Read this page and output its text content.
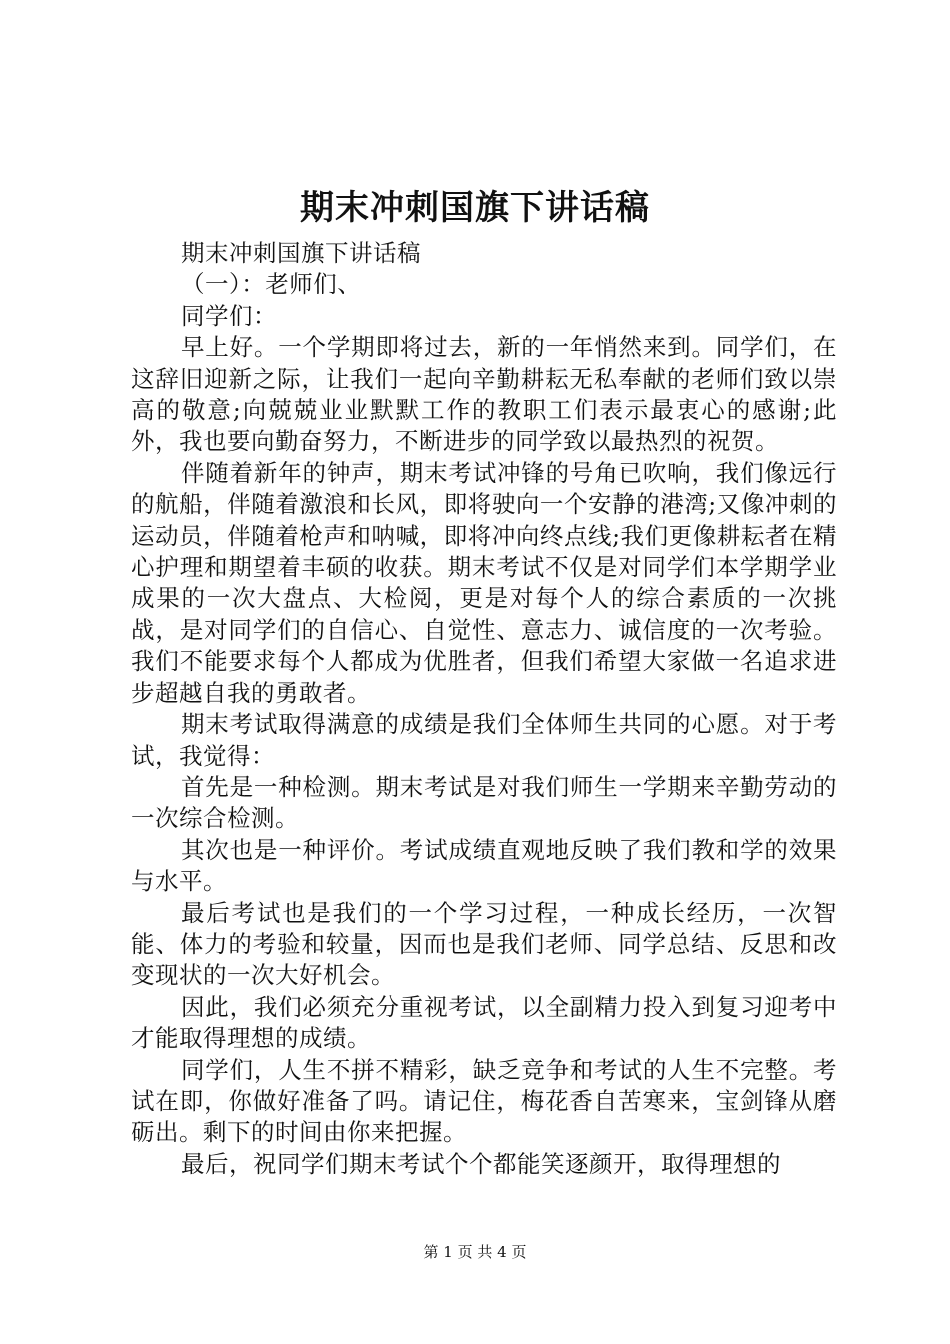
期末冲刺国旗下讲话稿

期末冲刺国旗下讲话稿

（一）：老师们、

同学们：

早上好。一个学期即将过去，新的一年悄然来到。同学们，在这辞旧迎新之际，让我们一起向辛勤耕耘无私奉献的老师们致以崇高的敬意;向兢兢业业默默工作的教职工们表示最衷心的感谢;此外，我也要向勤奋努力，不断进步的同学致以最热烈的祝贺。

伴随着新年的钟声，期末考试冲锋的号角已吹响，我们像远行的航船，伴随着激浪和长风，即将驶向一个安静的港湾;又像冲刺的运动员，伴随着枪声和呐喊，即将冲向终点线;我们更像耕耘者在精心护理和期望着丰硕的收获。期末考试不仅是对同学们本学期学业成果的一次大盘点、大检阅，更是对每个人的综合素质的一次挑战，是对同学们的自信心、自觉性、意志力、诚信度的一次考验。我们不能要求每个人都成为优胜者，但我们希望大家做一名追求进步超越自我的勇敢者。

期末考试取得满意的成绩是我们全体师生共同的心愿。对于考试，我觉得：

首先是一种检测。期末考试是对我们师生一学期来辛勤劳动的一次综合检测。

其次也是一种评价。考试成绩直观地反映了我们教和学的效果与水平。

最后考试也是我们的一个学习过程，一种成长经历，一次智能、体力的考验和较量，因而也是我们老师、同学总结、反思和改变现状的一次大好机会。

因此，我们必须充分重视考试，以全副精力投入到复习迎考中才能取得理想的成绩。

同学们，人生不拼不精彩，缺乏竞争和考试的人生不完整。考试在即，你做好准备了吗。请记住，梅花香自苦寒来，宝剑锋从磨砺出。剩下的时间由你来把握。

最后，祝同学们期末考试个个都能笑逐颜开，取得理想的

第 1 页 共 4 页
